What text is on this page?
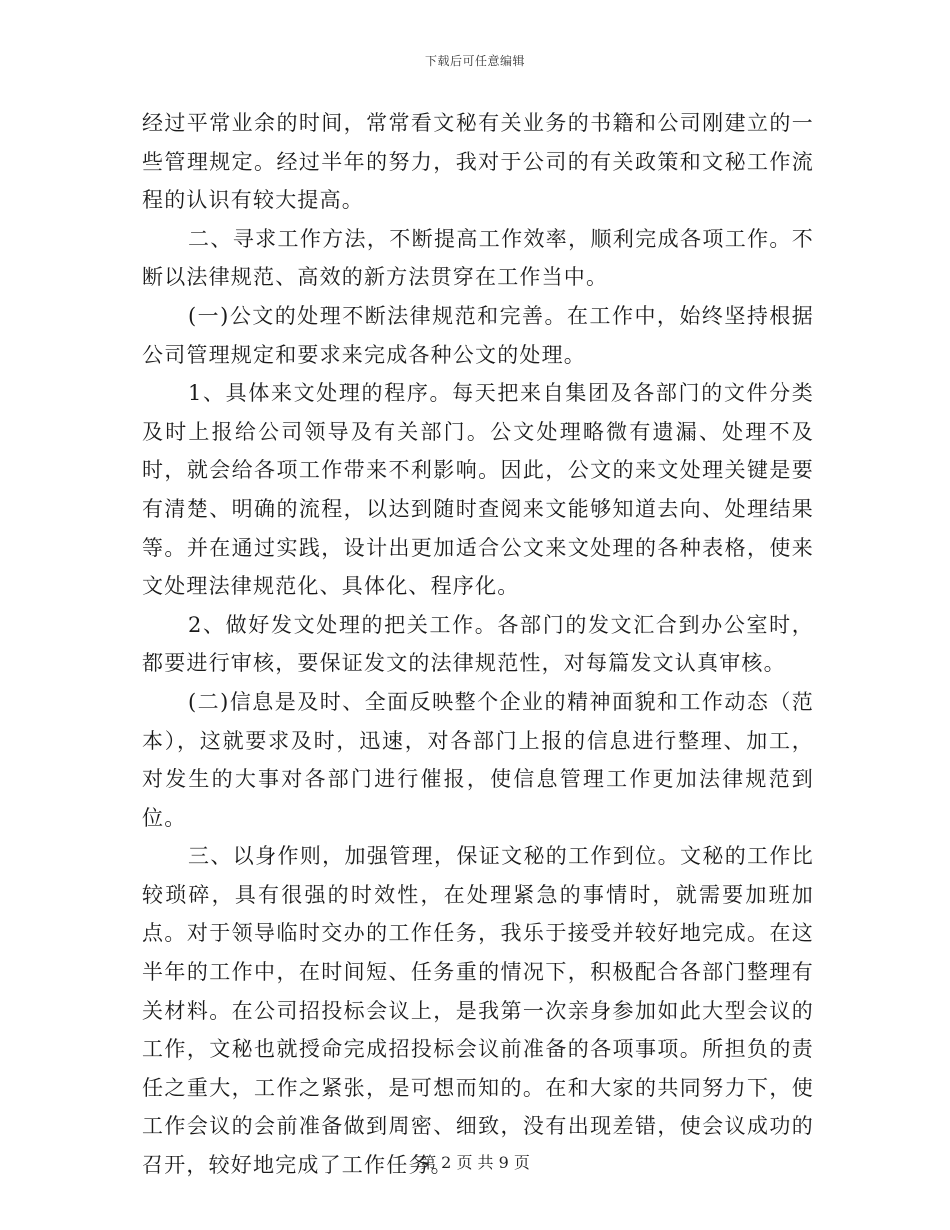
下载后可任意编辑

经过平常业余的时间，常常看文秘有关业务的书籍和公司刚建立的一些管理规定。经过半年的努力，我对于公司的有关政策和文秘工作流程的认识有较大提高。

二、寻求工作方法，不断提高工作效率，顺利完成各项工作。不断以法律规范、高效的新方法贯穿在工作当中。

(一)公文的处理不断法律规范和完善。在工作中，始终坚持根据公司管理规定和要求来完成各种公文的处理。

1、具体来文处理的程序。每天把来自集团及各部门的文件分类及时上报给公司领导及有关部门。公文处理略微有遗漏、处理不及时，就会给各项工作带来不利影响。因此，公文的来文处理关键是要有清楚、明确的流程，以达到随时查阅来文能够知道去向、处理结果等。并在通过实践，设计出更加适合公文来文处理的各种表格，使来文处理法律规范化、具体化、程序化。

2、做好发文处理的把关工作。各部门的发文汇合到办公室时，都要进行审核，要保证发文的法律规范性，对每篇发文认真审核。

(二)信息是及时、全面反映整个企业的精神面貌和工作动态（范本），这就要求及时，迅速，对各部门上报的信息进行整理、加工，对发生的大事对各部门进行催报，使信息管理工作更加法律规范到位。

三、以身作则，加强管理，保证文秘的工作到位。文秘的工作比较琐碎，具有很强的时效性，在处理紧急的事情时，就需要加班加点。对于领导临时交办的工作任务，我乐于接受并较好地完成。在这半年的工作中，在时间短、任务重的情况下，积极配合各部门整理有关材料。在公司招投标会议上，是我第一次亲身参加如此大型会议的工作，文秘也就授命完成招投标会议前准备的各项事项。所担负的责任之重大，工作之紧张，是可想而知的。在和大家的共同努力下，使工作会议的会前准备做到周密、细致，没有出现差错，使会议成功的召开，较好地完成了工作任务。

第 2 页 共 9 页
